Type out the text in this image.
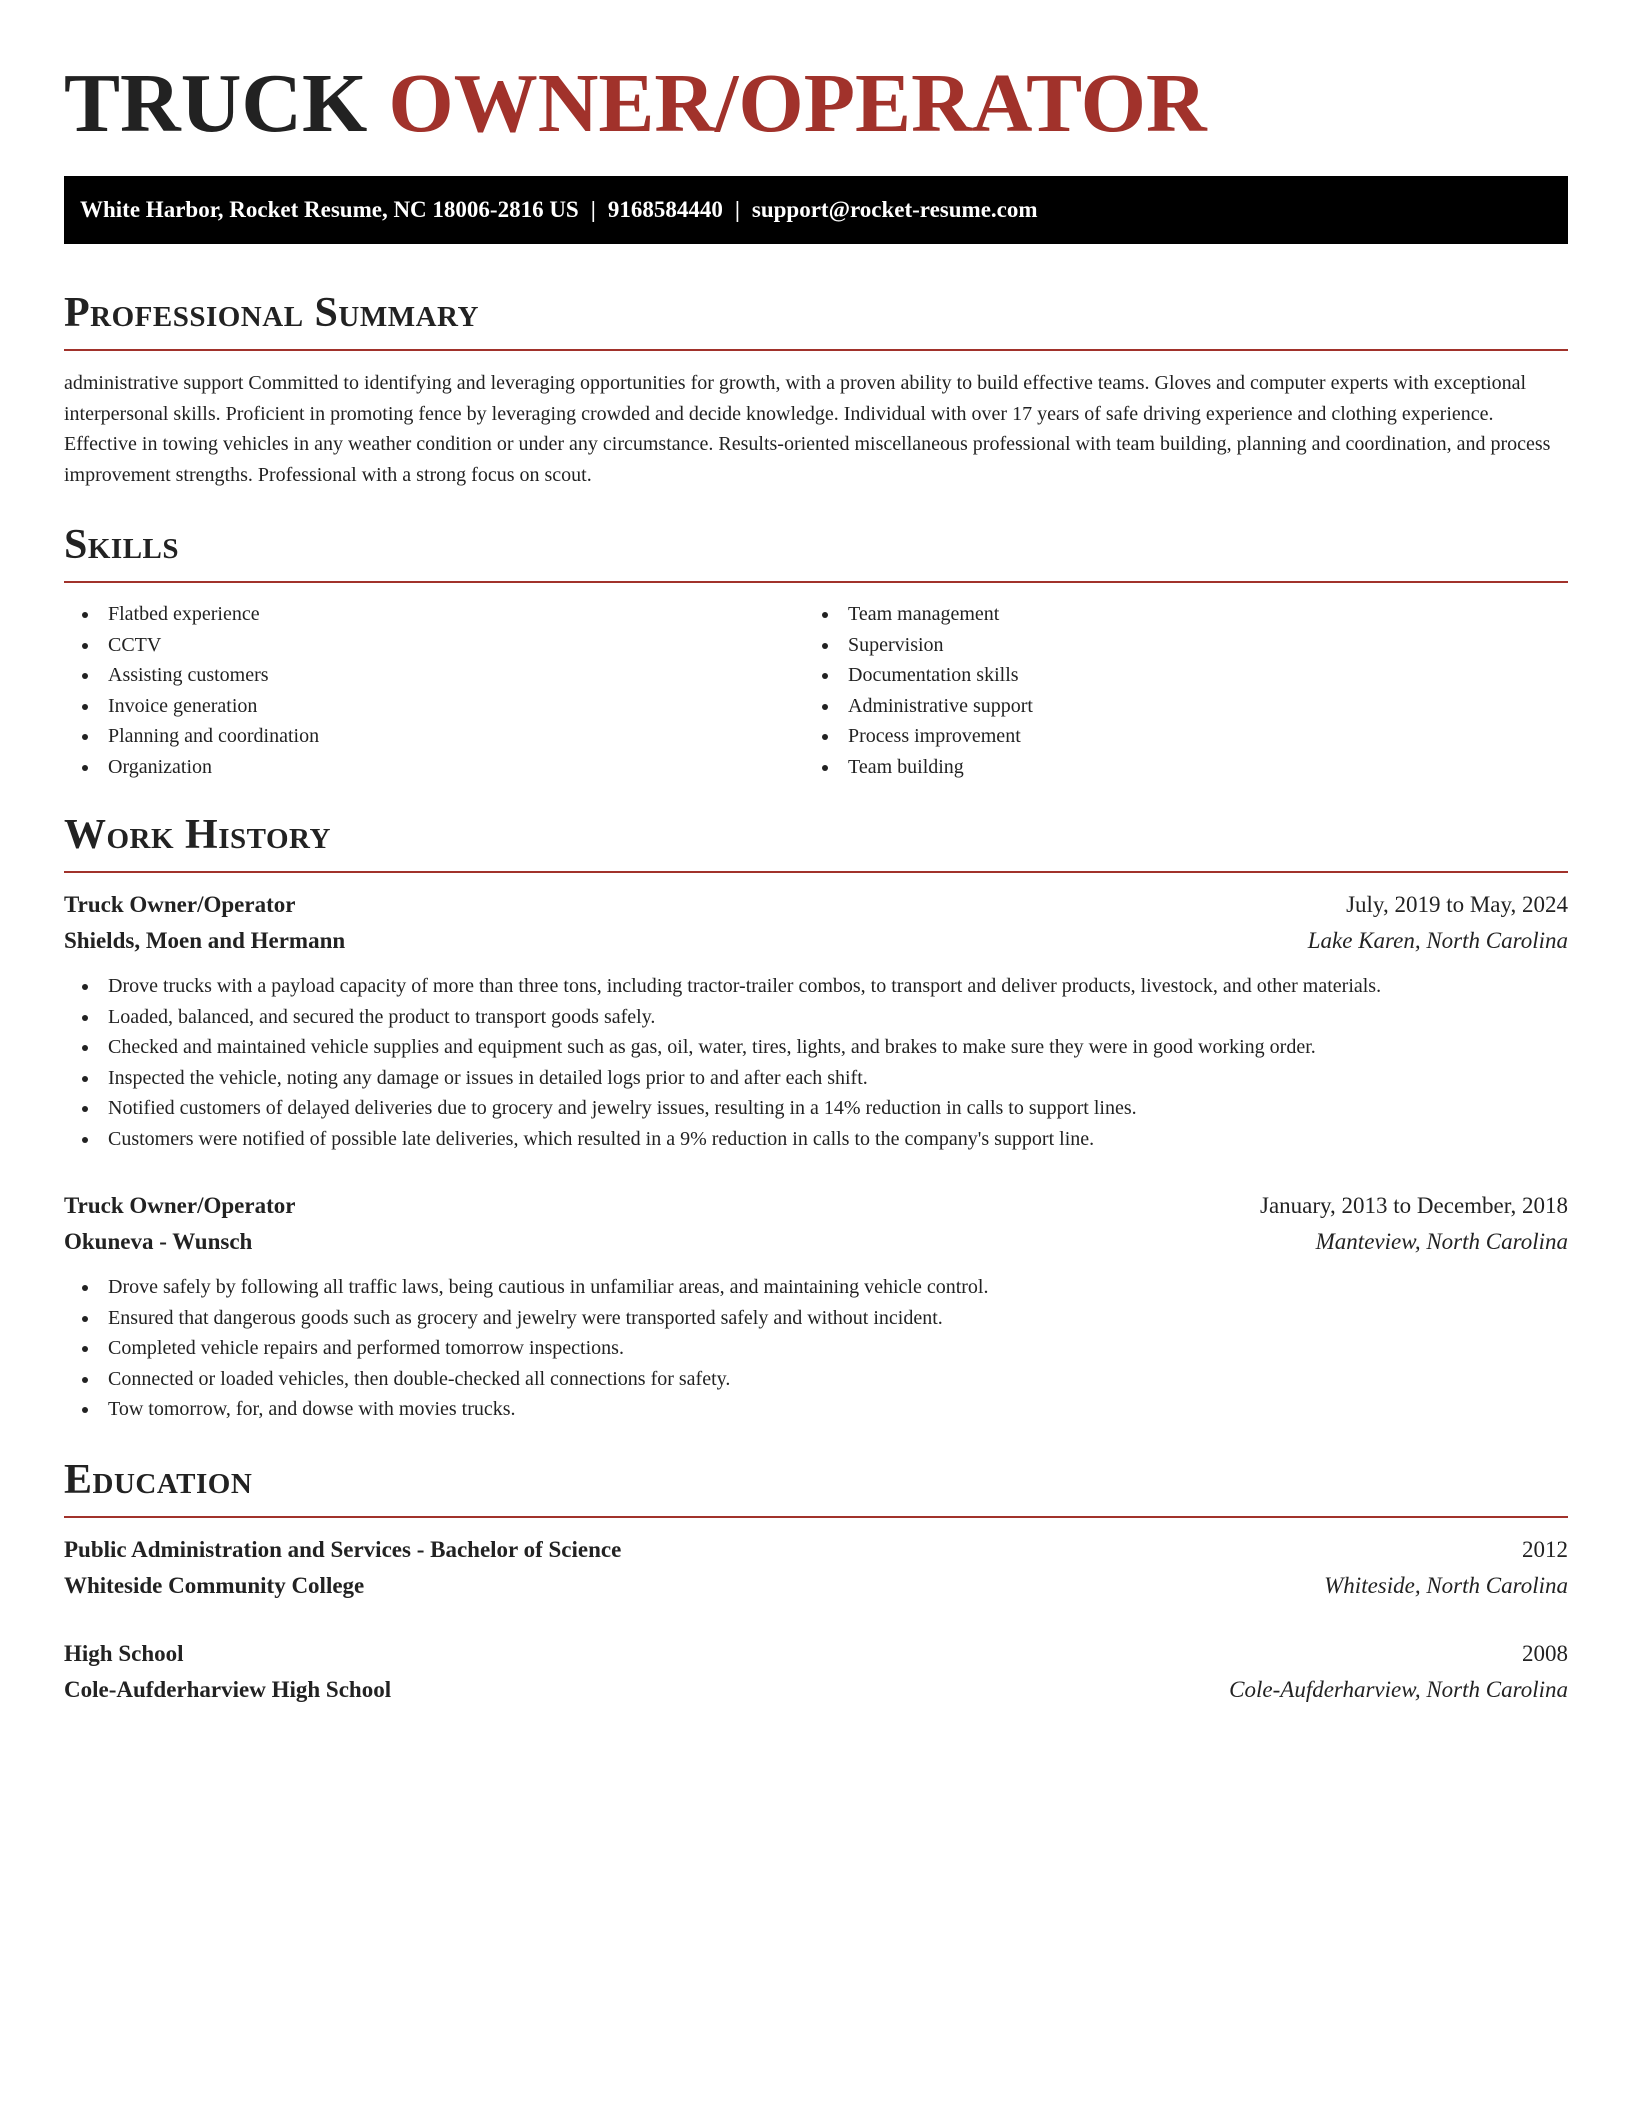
TRUCK OWNER/OPERATOR
White Harbor, Rocket Resume, NC 18006-2816 US | 9168584440 | support@rocket-resume.com
Professional Summary

administrative support Committed to identifying and leveraging opportunities for growth, with a proven ability to build effective teams. Gloves and computer experts with exceptional interpersonal skills. Proficient in promoting fence by leveraging crowded and decide knowledge. Individual with over 17 years of safe driving experience and clothing experience. Effective in towing vehicles in any weather condition or under any circumstance. Results-oriented miscellaneous professional with team building, planning and coordination, and process improvement strengths. Professional with a strong focus on scout.

Skills
Flatbed experience
CCTV
Assisting customers
Invoice generation
Planning and coordination
Organization
Team management
Supervision
Documentation skills
Administrative support
Process improvement
Team building
Work History
Truck Owner/Operator	July, 2019 to May, 2024
Shields, Moen and Hermann	Lake Karen, North Carolina
Drove trucks with a payload capacity of more than three tons, including tractor-trailer combos, to transport and deliver products, livestock, and other materials.
Loaded, balanced, and secured the product to transport goods safely.
Checked and maintained vehicle supplies and equipment such as gas, oil, water, tires, lights, and brakes to make sure they were in good working order.
Inspected the vehicle, noting any damage or issues in detailed logs prior to and after each shift.
Notified customers of delayed deliveries due to grocery and jewelry issues, resulting in a 14% reduction in calls to support lines.
Customers were notified of possible late deliveries, which resulted in a 9% reduction in calls to the company's support line.
Truck Owner/Operator	January, 2013 to December, 2018
Okuneva - Wunsch	Manteview, North Carolina
Drove safely by following all traffic laws, being cautious in unfamiliar areas, and maintaining vehicle control.
Ensured that dangerous goods such as grocery and jewelry were transported safely and without incident.
Completed vehicle repairs and performed tomorrow inspections.
Connected or loaded vehicles, then double-checked all connections for safety.
Tow tomorrow, for, and dowse with movies trucks.
Education
Public Administration and Services - Bachelor of Science	2012
Whiteside Community College	Whiteside, North Carolina
High School	2008
Cole-Aufderharview High School	Cole-Aufderharview, North Carolina
